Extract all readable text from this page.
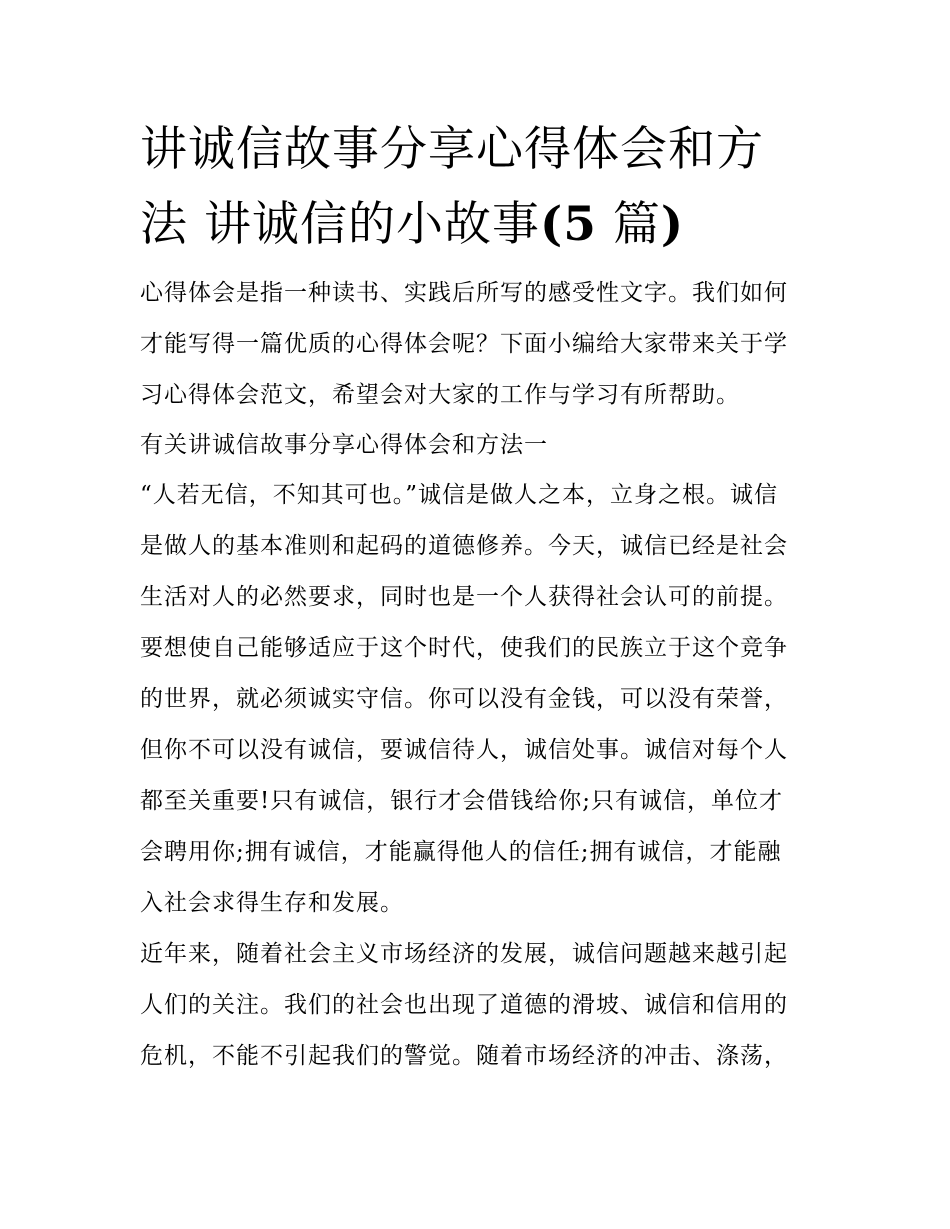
讲诚信故事分享心得体会和方
法 讲诚信的小故事(5 篇)

心得体会是指一种读书、实践后所写的感受性文字。我们如何
才能写得一篇优质的心得体会呢？下面小编给大家带来关于学
习心得体会范文，希望会对大家的工作与学习有所帮助。

有关讲诚信故事分享心得体会和方法一

“人若无信，不知其可也。”诚信是做人之本，立身之根。诚信
是做人的基本准则和起码的道德修养。今天，诚信已经是社会
生活对人的必然要求，同时也是一个人获得社会认可的前提。
要想使自己能够适应于这个时代，使我们的民族立于这个竞争
的世界，就必须诚实守信。你可以没有金钱，可以没有荣誉，
但你不可以没有诚信，要诚信待人，诚信处事。诚信对每个人
都至关重要!只有诚信，银行才会借钱给你;只有诚信，单位才
会聘用你;拥有诚信，才能赢得他人的信任;拥有诚信，才能融
入社会求得生存和发展。

近年来，随着社会主义市场经济的发展，诚信问题越来越引起
人们的关注。我们的社会也出现了道德的滑坡、诚信和信用的
危机，不能不引起我们的警觉。随着市场经济的冲击、涤荡，
